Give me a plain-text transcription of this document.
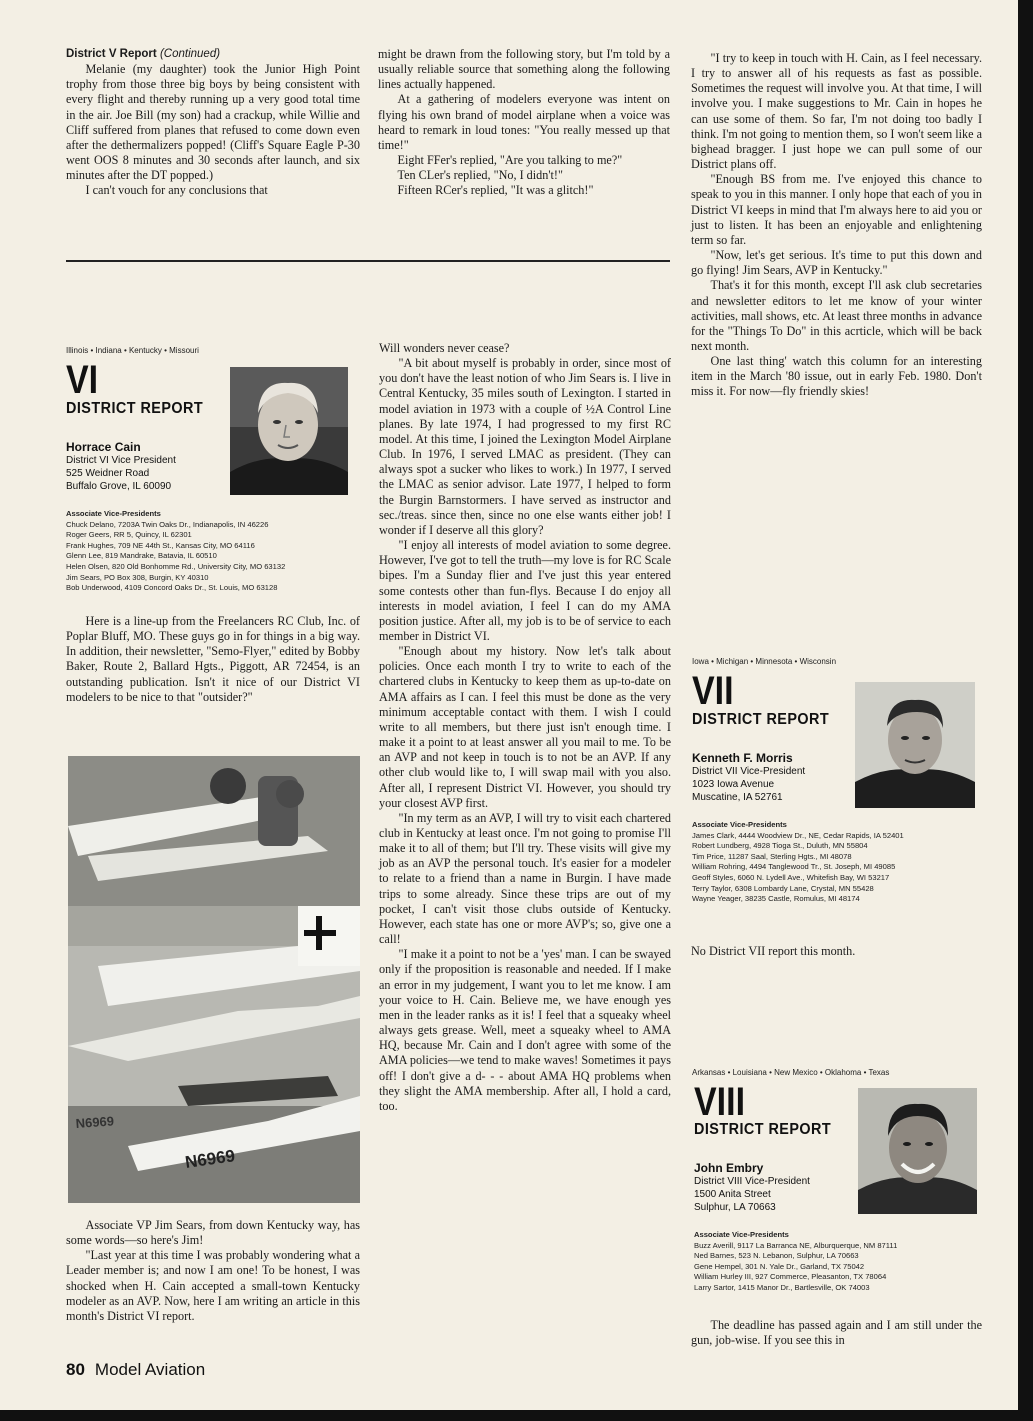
District V Report (Continued)

Melanie (my daughter) took the Junior High Point trophy from those three big boys by being consistent with every flight and thereby running up a very good total time in the air. Joe Bill (my son) had a crackup, while Willie and Cliff suffered from planes that refused to come down even after the dethermalizers popped! (Cliff's Square Eagle P-30 went OOS 8 minutes and 30 seconds after launch, and six minutes after the DT popped.)

I can't vouch for any conclusions that

might be drawn from the following story, but I'm told by a usually reliable source that something along the following lines actually happened.

At a gathering of modelers everyone was intent on flying his own brand of model airplane when a voice was heard to remark in loud tones: "You really messed up that time!"

Eight FFer's replied, "Are you talking to me?"

Ten CLer's replied, "No, I didn't!"

Fifteen RCer's replied, "It was a glitch!"

Illinois • Indiana • Kentucky • Missouri
VI
DISTRICT REPORT
Horrace Cain
District VI Vice President
525 Weidner Road
Buffalo Grove, IL 60090
Associate Vice-Presidents
Chuck Delano, 7203A Twin Oaks Dr., Indianapolis, IN 46226
Roger Geers, RR 5, Quincy, IL 62301
Frank Hughes, 709 NE 44th St., Kansas City, MO 64116
Glenn Lee, 819 Mandrake, Batavia, IL 60510
Helen Olsen, 820 Old Bonhomme Rd., University City, MO 63132
Jim Sears, PO Box 308, Burgin, KY 40310
Bob Underwood, 4109 Concord Oaks Dr., St. Louis, MO 63128

Here is a line-up from the Freelancers RC Club, Inc. of Poplar Bluff, MO. These guys go in for things in a big way. In addition, their newsletter, "Semo-Flyer," edited by Bobby Baker, Route 2, Ballard Hgts., Piggott, AR 72454, is an outstanding publication. Isn't it nice of our District VI modelers to be nice to that "outsider?"

N6969
N6969

Associate VP Jim Sears, from down Kentucky way, has some words—so here's Jim!

"Last year at this time I was probably wondering what a Leader member is; and now I am one! To be honest, I was shocked when H. Cain accepted a small-town Kentucky modeler as an AVP. Now, here I am writing an article in this month's District VI report.

Will wonders never cease?

"A bit about myself is probably in order, since most of you don't have the least notion of who Jim Sears is. I live in Central Kentucky, 35 miles south of Lexington. I started in model aviation in 1973 with a couple of ½A Control Line planes. By late 1974, I had progressed to my first RC model. At this time, I joined the Lexington Model Airplane Club. In 1976, I served LMAC as president. (They can always spot a sucker who likes to work.) In 1977, I served the LMAC as senior advisor. Late 1977, I helped to form the Burgin Barnstormers. I have served as instructor and sec./treas. since then, since no one else wants either job! I wonder if I deserve all this glory?

"I enjoy all interests of model aviation to some degree. However, I've got to tell the truth—my love is for RC Scale bipes. I'm a Sunday flier and I've just this year entered some contests other than fun-flys. Because I do enjoy all interests in model aviation, I feel I can do my AMA position justice. After all, my job is to be of service to each member in District VI.

"Enough about my history. Now let's talk about policies. Once each month I try to write to each of the chartered clubs in Kentucky to keep them as up-to-date on AMA affairs as I can. I feel this must be done as the very minimum acceptable contact with them. I wish I could write to all members, but there just isn't enough time. I make it a point to at least answer all you mail to me. To be an AVP and not keep in touch is to not be an AVP. If any other club would like to, I will swap mail with you also. After all, I represent District VI. However, you should try your closest AVP first.

"In my term as an AVP, I will try to visit each chartered club in Kentucky at least once. I'm not going to promise I'll make it to all of them; but I'll try. These visits will give my job as an AVP the personal touch. It's easier for a modeler to relate to a friend than a name in Burgin. I have made trips to some already. Since these trips are out of my pocket, I can't visit those clubs outside of Kentucky. However, each state has one or more AVP's; so, give one a call!

"I make it a point to not be a 'yes' man. I can be swayed only if the proposition is reasonable and needed. If I make an error in my judgement, I want you to let me know. I am your voice to H. Cain. Believe me, we have enough yes men in the leader ranks as it is! I feel that a squeaky wheel always gets grease. Well, meet a squeaky wheel to AMA HQ, because Mr. Cain and I don't agree with some of the AMA policies—we tend to make waves! Sometimes it pays off! I don't give a d- - - about AMA HQ problems when they slight the AMA membership. After all, I hold a card, too.

"I try to keep in touch with H. Cain, as I feel necessary. I try to answer all of his requests as fast as possible. Sometimes the request will involve you. At that time, I will involve you. I make suggestions to Mr. Cain in hopes he can use some of them. So far, I'm not doing too badly I think. I'm not going to mention them, so I won't seem like a bighead bragger. I just hope we can pull some of our District plans off.

"Enough BS from me. I've enjoyed this chance to speak to you in this manner. I only hope that each of you in District VI keeps in mind that I'm always here to aid you or just to listen. It has been an enjoyable and enlightening term so far.

"Now, let's get serious. It's time to put this down and go flying! Jim Sears, AVP in Kentucky."

That's it for this month, except I'll ask club secretaries and newsletter editors to let me know of your winter activities, mall shows, etc. At least three months in advance for the "Things To Do" in this acrticle, which will be back next month.

One last thing' watch this column for an interesting item in the March '80 issue, out in early Feb. 1980. Don't miss it. For now—fly friendly skies!

Iowa • Michigan • Minnesota • Wisconsin
VII
DISTRICT REPORT
Kenneth F. Morris
District VII Vice-President
1023 Iowa Avenue
Muscatine, IA 52761
Associate Vice-Presidents
James Clark, 4444 Woodview Dr., NE, Cedar Rapids, IA 52401
Robert Lundberg, 4928 Tioga St., Duluth, MN 55804
Tim Price, 11287 Saal, Sterling Hgts., MI 48078
William Rohring, 4494 Tanglewood Tr., St. Joseph, MI 49085
Geoff Styles, 6060 N. Lydell Ave., Whitefish Bay, WI 53217
Terry Taylor, 6308 Lombardy Lane, Crystal, MN 55428
Wayne Yeager, 38235 Castle, Romulus, MI 48174

No District VII report this month.

Arkansas • Louisiana • New Mexico • Oklahoma • Texas
VIII
DISTRICT REPORT
John Embry
District VIII Vice-President
1500 Anita Street
Sulphur, LA 70663
Associate Vice-Presidents
Buzz Averill, 9117 La Barranca NE, Alburquerque, NM 87111
Ned Barnes, 523 N. Lebanon, Sulphur, LA 70663
Gene Hempel, 301 N. Yale Dr., Garland, TX 75042
William Hurley III, 927 Commerce, Pleasanton, TX 78064
Larry Sartor, 1415 Manor Dr., Bartlesville, OK 74003

The deadline has passed again and I am still under the gun, job-wise. If you see this in

80 Model Aviation
